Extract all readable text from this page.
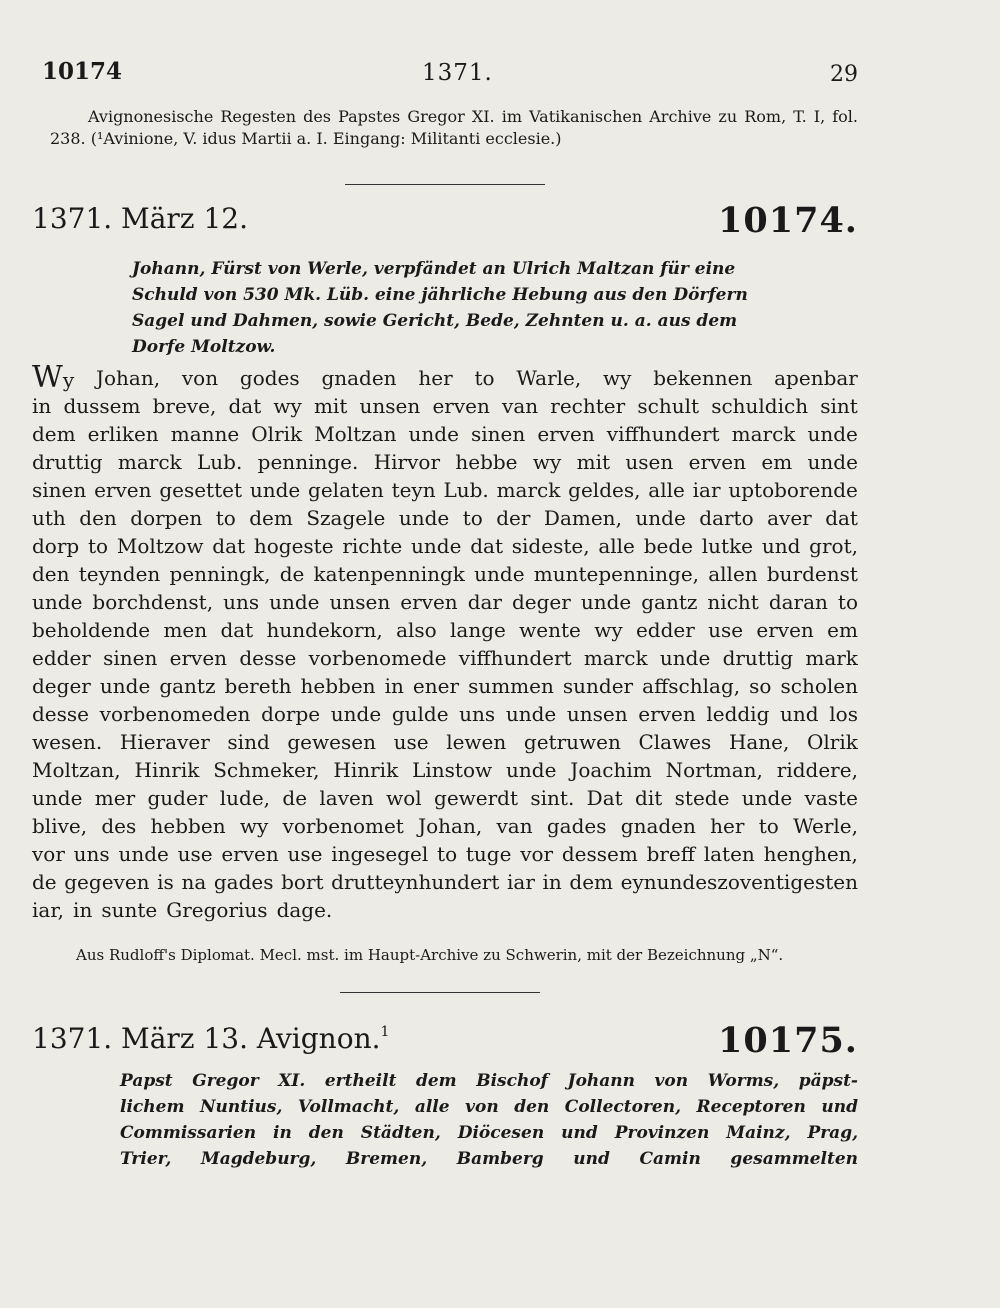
10174	1371.	29
Avignonesische Regesten des Papstes Gregor XI. im Vatikanischen Archive zu Rom, T. I, fol. 238. (¹Avinione, V. idus Martii a. I. Eingang: Militanti ecclesie.)
1371. März 12.	10174.
Johann, Fürst von Werle, verpfändet an Ulrich Maltzan für eine
Schuld von 530 Mk. Lüb. eine jährliche Hebung aus den Dörfern
Sagel und Dahmen, sowie Gericht, Bede, Zehnten u. a. aus dem
Dorfe Moltzow.
Wy Johan, von godes gnaden her to Warle, wy bekennen apenbar
in dussem breve, dat wy mit unsen erven van rechter schult schuldich sint
dem erliken manne Olrik Moltzan unde sinen erven viffhundert marck unde
druttig marck Lub. penninge. Hirvor hebbe wy mit usen erven em unde
sinen erven gesettet unde gelaten teyn Lub. marck geldes, alle iar uptoborende
uth den dorpen to dem Szagele unde to der Damen, unde darto aver dat
dorp to Moltzow dat hogeste richte unde dat sideste, alle bede lutke und grot,
den teynden penningk, de katenpenningk unde muntepenninge, allen burdenst
unde borchdenst, uns unde unsen erven dar deger unde gantz nicht daran to
beholdende men dat hundekorn, also lange wente wy edder use erven em
edder sinen erven desse vorbenomede viffhundert marck unde druttig mark
deger unde gantz bereth hebben in ener summen sunder affschlag, so scholen
desse vorbenomeden dorpe unde gulde uns unde unsen erven leddig und los
wesen. Hieraver sind gewesen use lewen getruwen Clawes Hane, Olrik
Moltzan, Hinrik Schmeker, Hinrik Linstow unde Joachim Nortman, riddere,
unde mer guder lude, de laven wol gewerdt sint. Dat dit stede unde vaste
blive, des hebben wy vorbenomet Johan, van gades gnaden her to Werle,
vor uns unde use erven use ingesegel to tuge vor dessem breff laten henghen,
de gegeven is na gades bort drutteynhundert iar in dem eynundeszoventigesten
iar, in sunte Gregorius dage.
Aus Rudloff's Diplomat. Mecl. mst. im Haupt-Archive zu Schwerin, mit der Bezeichnung „N“.
1371. März 13. Avignon.$^1$	10175.
Papst Gregor XI. ertheilt dem Bischof Johann von Worms, päpst-
lichem Nuntius, Vollmacht, alle von den Collectoren, Receptoren und
Commissarien in den Städten, Diöcesen und Provinzen Mainz, Prag,
Trier, Magdeburg, Bremen, Bamberg und Camin gesammelten
